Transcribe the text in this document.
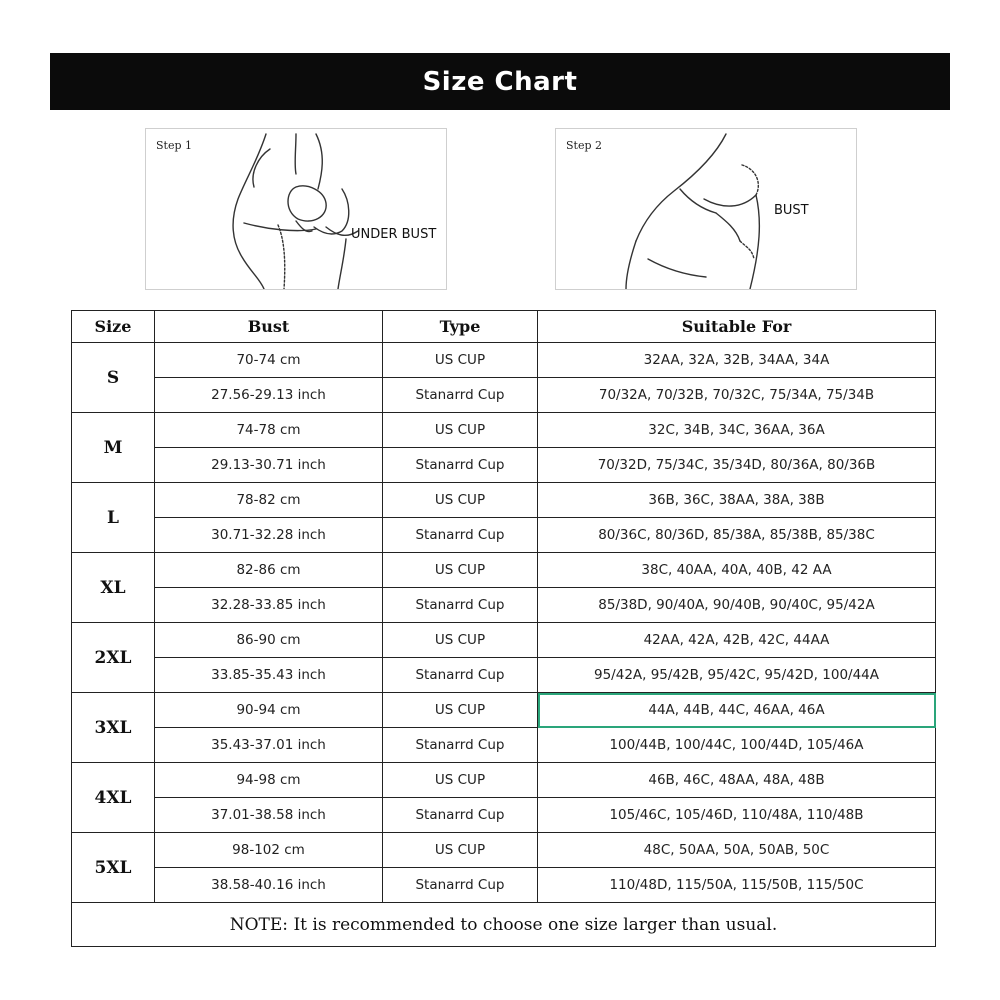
Size Chart
Step 1
UNDER BUST
Step 2
BUST
Size	Bust	Type	Suitable For
S	70-74 cm	US CUP	32AA, 32A, 32B, 34AA, 34A
	27.56-29.13 inch	Stanarrd Cup	70/32A, 70/32B, 70/32C, 75/34A, 75/34B
M	74-78 cm	US CUP	32C, 34B, 34C, 36AA, 36A
	29.13-30.71 inch	Stanarrd Cup	70/32D, 75/34C, 35/34D, 80/36A, 80/36B
L	78-82 cm	US CUP	36B, 36C, 38AA, 38A, 38B
	30.71-32.28 inch	Stanarrd Cup	80/36C, 80/36D, 85/38A, 85/38B, 85/38C
XL	82-86 cm	US CUP	38C, 40AA, 40A, 40B, 42 AA
	32.28-33.85 inch	Stanarrd Cup	85/38D, 90/40A, 90/40B, 90/40C, 95/42A
2XL	86-90 cm	US CUP	42AA, 42A, 42B, 42C, 44AA
	33.85-35.43 inch	Stanarrd Cup	95/42A, 95/42B, 95/42C, 95/42D, 100/44A
3XL	90-94 cm	US CUP	44A, 44B, 44C, 46AA, 46A
	35.43-37.01 inch	Stanarrd Cup	100/44B, 100/44C, 100/44D, 105/46A
4XL	94-98 cm	US CUP	46B, 46C, 48AA, 48A, 48B
	37.01-38.58 inch	Stanarrd Cup	105/46C, 105/46D, 110/48A, 110/48B
5XL	98-102 cm	US CUP	48C, 50AA, 50A, 50AB, 50C
	38.58-40.16 inch	Stanarrd Cup	110/48D, 115/50A, 115/50B, 115/50C
NOTE: It is recommended to choose one size larger than usual.			
